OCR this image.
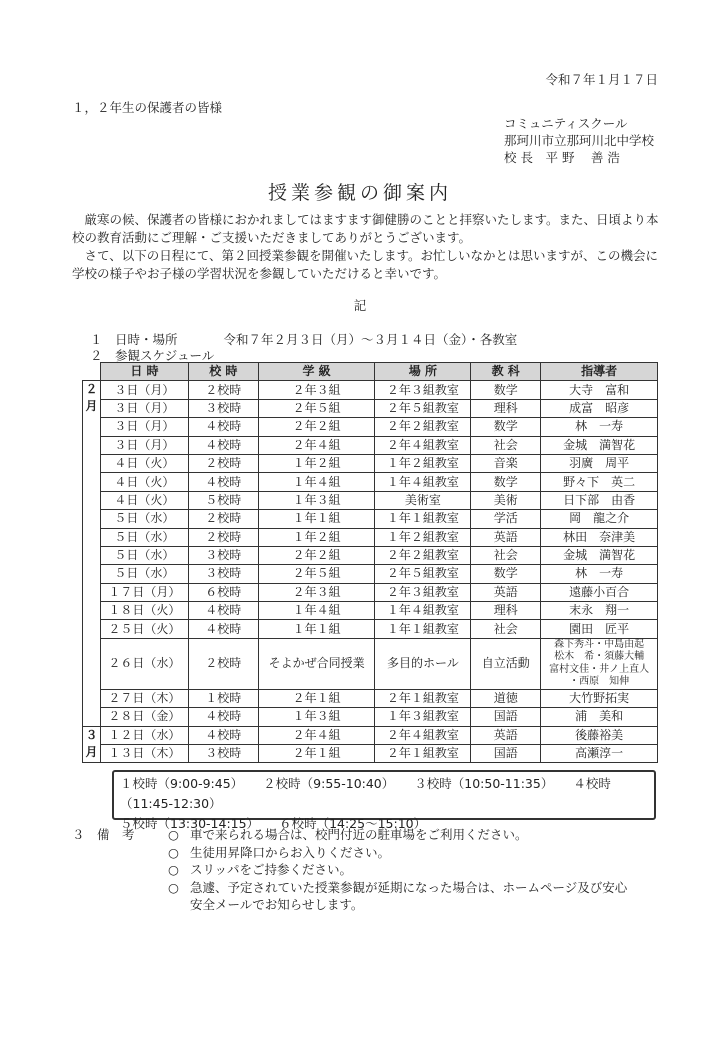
令和７年１月１７日
１，２年生の保護者の皆様
コミュニティスクール
那珂川市立那珂川北中学校
校 長　平 野　 善 浩
授業参観の御案内

厳寒の候、保護者の皆様におかれましてはますます御健勝のことと拝察いたします。また、日頃より本校の教育活動にご理解・ご支援いただきましてありがとうございます。

さて、以下の日程にて、第２回授業参観を開催いたします。お忙しいなかとは思いますが、この機会に学校の様子やお子様の学習状況を参観していただけると幸いです。

記
１　日時・場所	令和７年２月３日（月）～３月１４日（金）・各教室
２　参観スケジュール
	日 時	校 時	学 級	場 所	教 科	指導者

２
月	３日（月）	２校時	２年３組	２年３組教室	数学	大寺　富和
	３日（月）	３校時	２年５組	２年５組教室	理科	成富　昭彦
	３日（月）	４校時	２年２組	２年２組教室	数学	林　一寿
	３日（月）	４校時	２年４組	２年４組教室	社会	金城　満智花
	４日（火）	２校時	１年２組	１年２組教室	音楽	羽廣　周平
	４日（火）	４校時	１年４組	１年４組教室	数学	野々下　英二
	４日（火）	５校時	１年３組	美術室	美術	日下部　由香
	５日（水）	２校時	１年１組	１年１組教室	学活	岡　龍之介
	５日（水）	２校時	１年２組	１年２組教室	英語	林田　奈津美
	５日（水）	３校時	２年２組	２年２組教室	社会	金城　満智花
	５日（水）	３校時	２年５組	２年５組教室	数学	林　一寿
	１７日（月）	６校時	２年３組	２年３組教室	英語	遠藤小百合
	１８日（火）	４校時	１年４組	１年４組教室	理科	末永　翔一
	２５日（火）	４校時	１年１組	１年１組教室	社会	園田　匠平
	２６日（水）	２校時	そよかぜ合同授業	多目的ホール	自立活動	森下秀斗・中島由起
松木　希・須藤大輔
富村文佳・井ノ上直人
・西原　知伸

	２７日（木）	１校時	２年１組	２年１組教室	道徳	大竹野拓実
	２８日（金）	４校時	１年３組	１年３組教室	国語	浦　美和

３
月	１２日（水）	４校時	２年４組	２年４組教室	英語	後藤裕美
	１３日（木）	３校時	２年１組	２年１組教室	国語	高瀬淳一
１校時（9:00-9:45） ２校時（9:55-10:40） ３校時（10:50-11:35） ４校時（11:45-12:30）
５校時（13:30-14:15） ６校時（14:25～15:10）
３　備　考	○ 車で来られる場合は、校門付近の駐車場をご利用ください。
○ 生徒用昇降口からお入りください。
○ スリッパをご持参ください。
○ 急遽、予定されていた授業参観が延期になった場合は、ホームページ及び安心安全メールでお知らせします。
